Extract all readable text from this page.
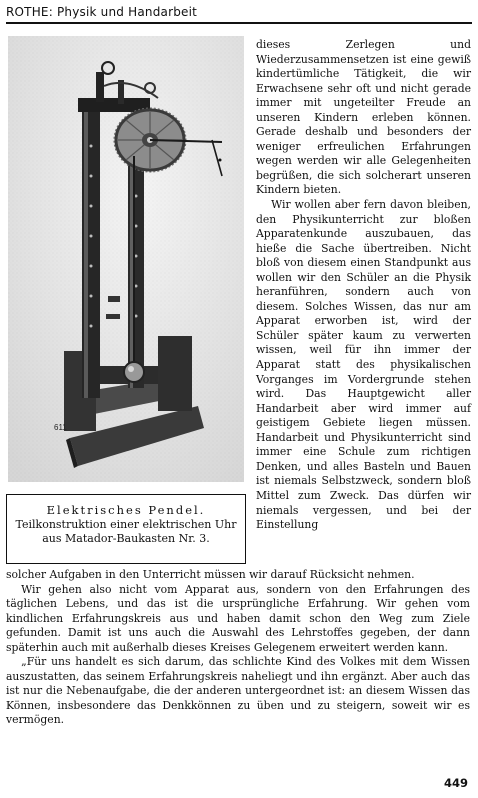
ROTHE: Physik und Handarbeit
611
Elektrisches Pendel.
Teilkonstruktion einer elektrischen Uhr
aus Matador-Baukasten Nr. 3.

dieses Zerlegen und Wiederzusammensetzen ist eine gewiß kindertümliche Tätigkeit, die wir Erwachsene sehr oft und nicht gerade immer mit ungeteilter Freude an unseren Kindern erleben können. Gerade deshalb und besonders der weniger erfreulichen Erfahrungen wegen werden wir alle Gelegenheiten begrüßen, die sich solcherart unseren Kindern bieten.

Wir wollen aber fern davon bleiben, den Physikunterricht zur bloßen Apparatenkunde auszubauen, das hieße die Sache übertreiben. Nicht bloß von diesem einen Standpunkt aus wollen wir den Schüler an die Physik heranführen, sondern auch von diesem. Solches Wissen, das nur am Apparat erworben ist, wird der Schüler später kaum zu verwerten wissen, weil für ihn immer der Apparat statt des physikalischen Vorganges im Vordergrunde stehen wird. Das Hauptgewicht aller Handarbeit aber wird immer auf geistigem Gebiete liegen müssen. Handarbeit und Physikunterricht sind immer eine Schule zum richtigen Denken, und alles Basteln und Bauen ist niemals Selbstzweck, sondern bloß Mittel zum Zweck. Das dürfen wir niemals vergessen, und bei der Einstellung

solcher Aufgaben in den Unterricht müssen wir darauf Rücksicht nehmen.

Wir gehen also nicht vom Apparat aus, sondern von den Erfahrungen des täglichen Lebens, und das ist die ursprüngliche Erfahrung. Wir gehen vom kindlichen Erfahrungskreis aus und haben damit schon den Weg zum Ziele gefunden. Damit ist uns auch die Auswahl des Lehrstoffes gegeben, der dann späterhin auch mit außerhalb dieses Kreises Gelegenem erweitert werden kann.

„Für uns handelt es sich darum, das schlichte Kind des Volkes mit dem Wissen auszustatten, das seinem Erfahrungskreis naheliegt und ihn ergänzt. Aber auch das ist nur die Nebenaufgabe, die der anderen untergeordnet ist: an diesem Wissen das Können, insbesondere das Denkkönnen zu üben und zu steigern, soweit wir es vermögen.

449
